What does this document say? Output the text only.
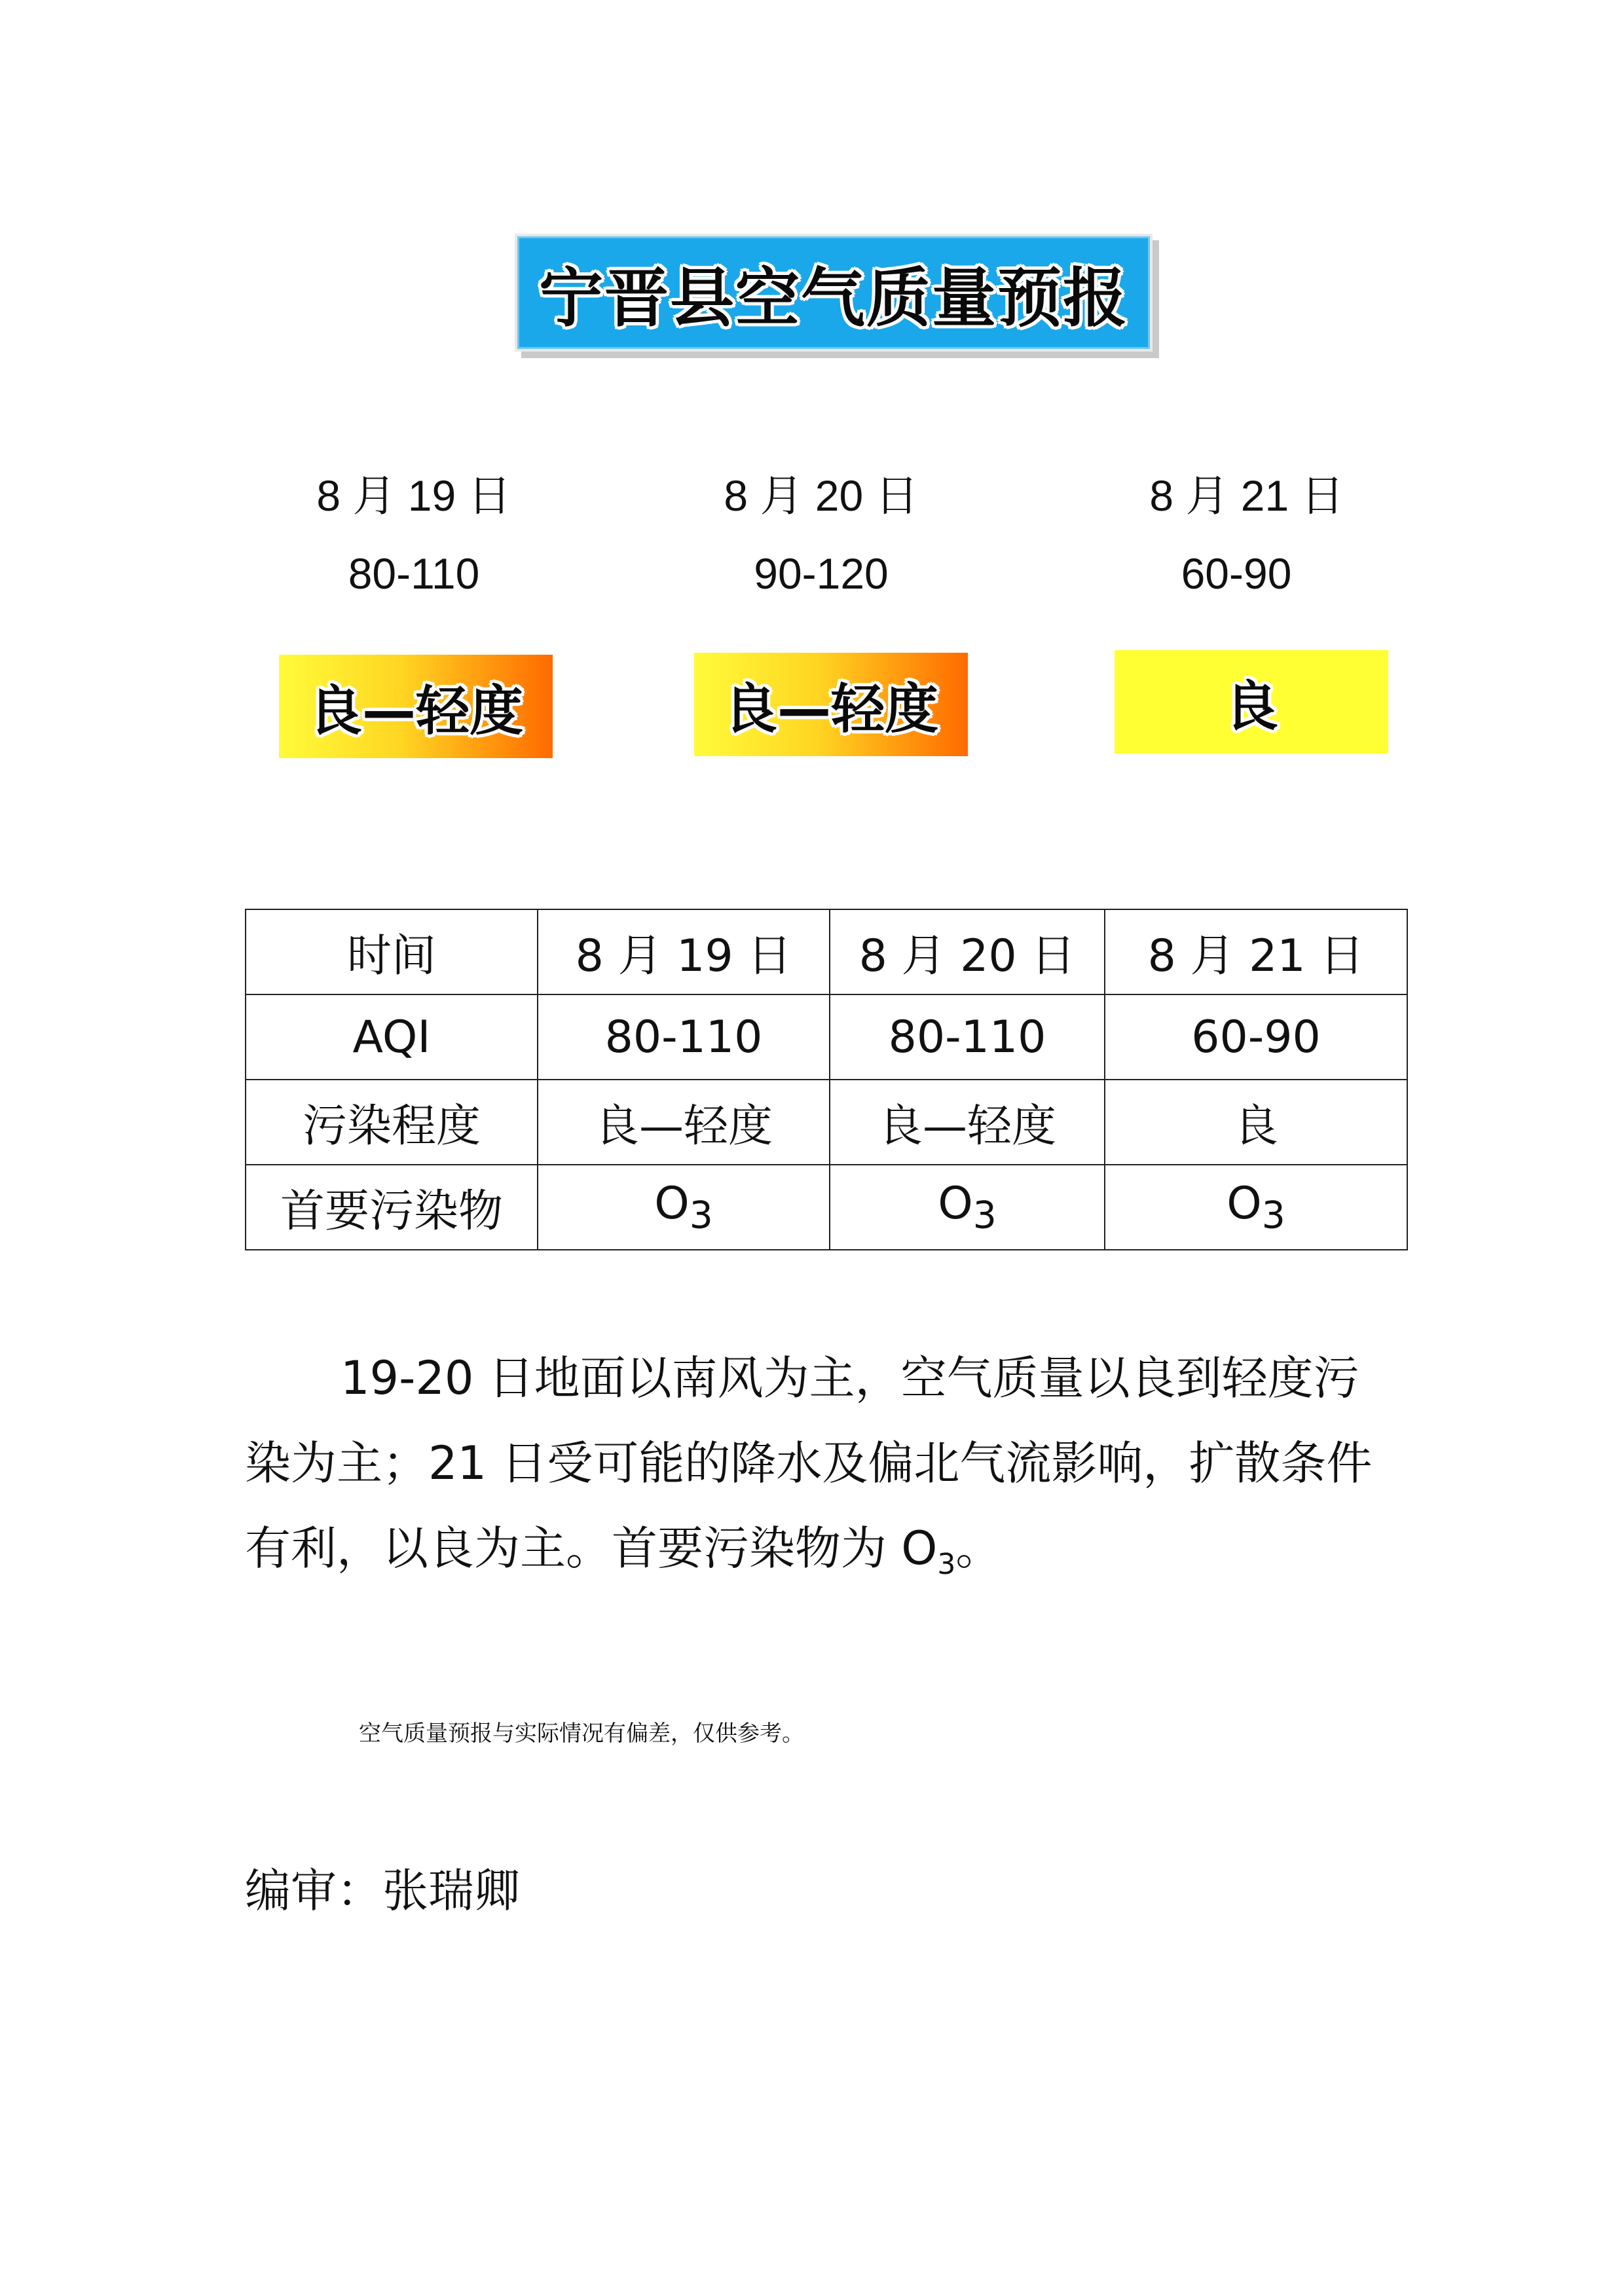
宁晋县空气质量预报
8 月 19 日
80-110
良—轻度
8 月 20 日
90-120
良—轻度
8 月 21 日
60-90
良
时间	8 月 19 日	8 月 20 日	8 月 21 日
AQI	80-110	80-110	60-90
污染程度	良—轻度	良—轻度	良
首要污染物	$O_3$	$O_3$	$O_3$

19-20 日地面以南风为主，空气质量以良到轻度污染为主；21 日受可能的降水及偏北气流影响，扩散条件有利，以良为主。首要污染物为 $O_3$。

空气质量预报与实际情况有偏差，仅供参考。
编审：张瑞卿
